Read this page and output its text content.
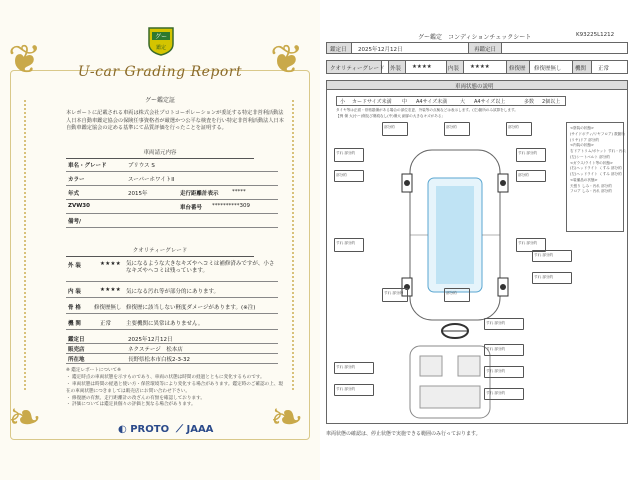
❦	❦
❧	❧
グー
鑑定
U-car Grading Report
グー鑑定証
本レポートに記載される車両は株式会社プロトコーポレーションが委託する特定非営利活動法人日本自動車鑑定協会の保険任事資格者が厳選かつ公平な検査を行い特定非営利活動法人日本自動車鑑定協会の定める基準にて品質評価を行ったことを証明する。
車両請元内容
車名・グレード	プリウス S
カラー	スーパーホワイトII
年式	2015年	走行距離計表示 *****
ZVW30	車台番号 **********309
備考/
クオリティーグレード
外 装	★★★★ 気になるような大きなキズやヘコミは補修済みですが、小さなキズやヘコミは残っています。
内 装	★★★★ 気になる汚れ等が部分的にあります。
骨 格 修復歴無し 修復歴に該当しない軽度ダメージがあります。(※注)
機 関	正常	主要機関に異常はありません。
鑑定日	2025年12月12日
販売店	ネクステージ　松本店
所在地	長野県松本市白板2-3-32
※ 鑑定レポートについて※
・ 鑑定時点の車両状態を示すものであり、車両の状態は時間の経過とともに変化するものです。
・ 車両状態は時間の経過と使い方・保管環境等により変化する場合があります。鑑定時のご確認の上、現在の車両状態につきましては販売店にお問い合わせ下さい。
・ 修復歴の有無、走行距離計の改ざんの有無を確認しております。
・ 評価については鑑定員個々の評価と異なる場合があります。
◐ PROTO ⟋ JAAA
グー鑑定　コンディションチェックシート	K93225L1212
鑑定日 2025年12月12日	再鑑定日
クオリティーグレード 外装 ★★★★	内装 ★★★★	修復歴 修復歴無し 機関 正常
車両状態の説明
小 カードサイズ未満 中 A4サイズ未満	大 A4サイズ以上	多数 2個以上
タイヤ等は正面・骨格損傷がある場合の部位変更、外装等の点検などは表示します。(左)箇所のみ試算をします。
【例 傷 大(小~)傷及び傷痕なし(中)傷大 細部の大きなキズがある」
<塗装の状態>
(サイドボディ/リヤフロア) 数箇所
(リヤ)ドア 部分的
<内装の状態>
右ドアトリム/ポケット すれ・汚れ
(左)シートベルト 部分的
<ガラス/ライト等の状態>
(右)ヘッドライト くすみ 部分的
(左)ヘッドライト くすみ 部分的
<装備品の状態>
天張り しみ・汚れ 部分的
フロア しみ・汚れ 部分的
部分的	部分的	部分的
すれ 部分的	すれ 部分的
部分的	部分的
すれ 部分的	すれ 部分的
すれ 部分的	部分的
すれ 部分的
すれ 部分的
すれ 部分的
すれ 部分的
すれ 部分的
すれ 部分的
すれ 部分的
すれ 部分的
車両状態の確認は、停止状態で実施できる範囲のみ行っております。
